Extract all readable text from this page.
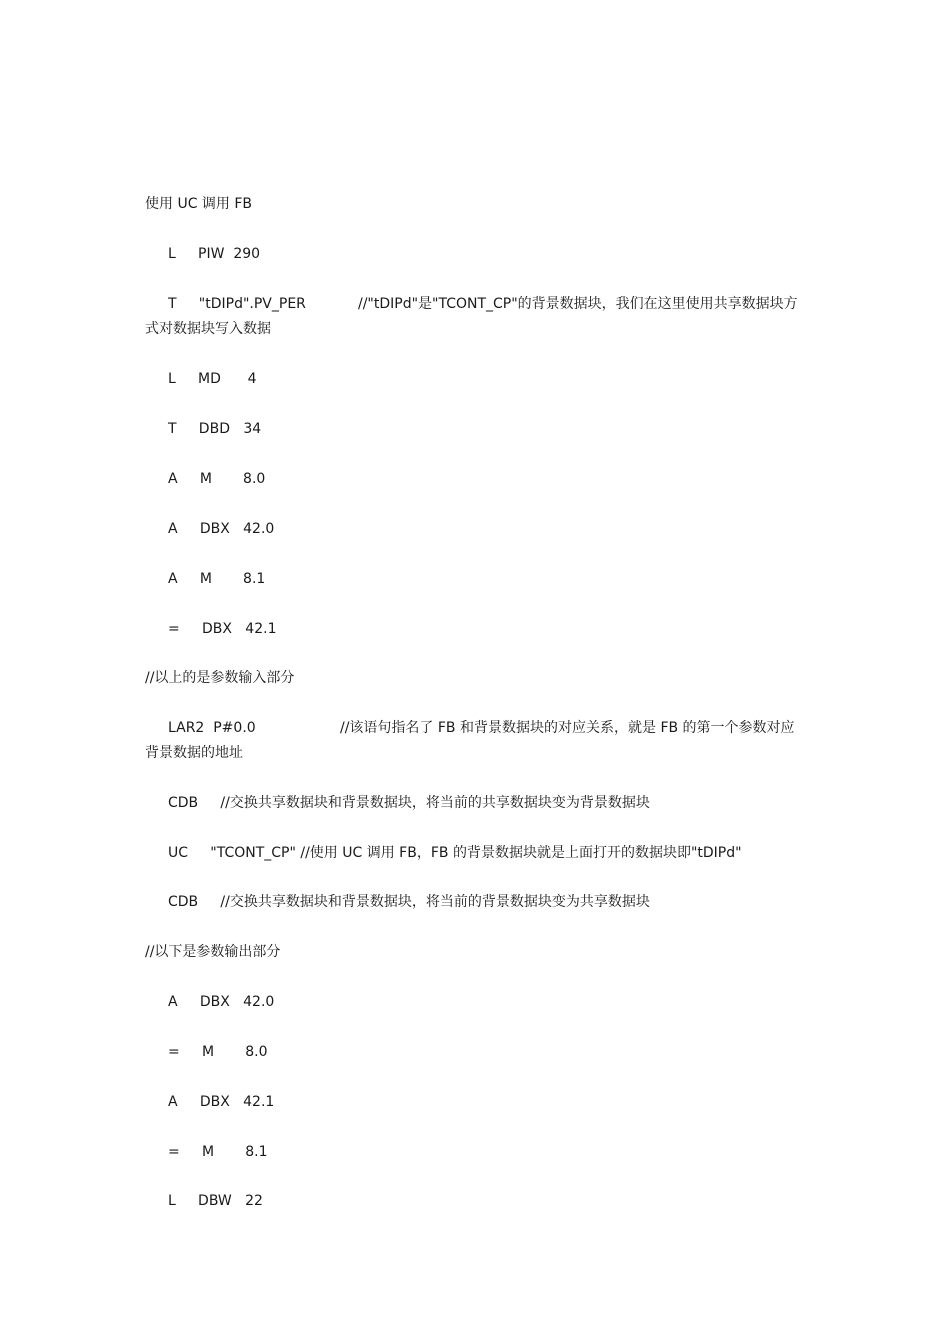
使用 UC 调用 FB
L     PIW  290
T     "tDIPd".PV_PER	//"tDIPd"是"TCONT_CP"的背景数据块，我们在这里使用共享数据块方
式对数据块写入数据
L     MD      4
T     DBD   34
A     M       8.0
A     DBX   42.0
A     M       8.1
=     DBX   42.1
//以上的是参数输入部分
LAR2  P#0.0	//该语句指名了 FB 和背景数据块的对应关系，就是 FB 的第一个参数对应
背景数据的地址
CDB     //交换共享数据块和背景数据块，将当前的共享数据块变为背景数据块
UC     "TCONT_CP" //使用 UC 调用 FB，FB 的背景数据块就是上面打开的数据块即"tDIPd"
CDB     //交换共享数据块和背景数据块，将当前的背景数据块变为共享数据块
//以下是参数输出部分
A     DBX   42.0
=     M       8.0
A     DBX   42.1
=     M       8.1
L     DBW   22
